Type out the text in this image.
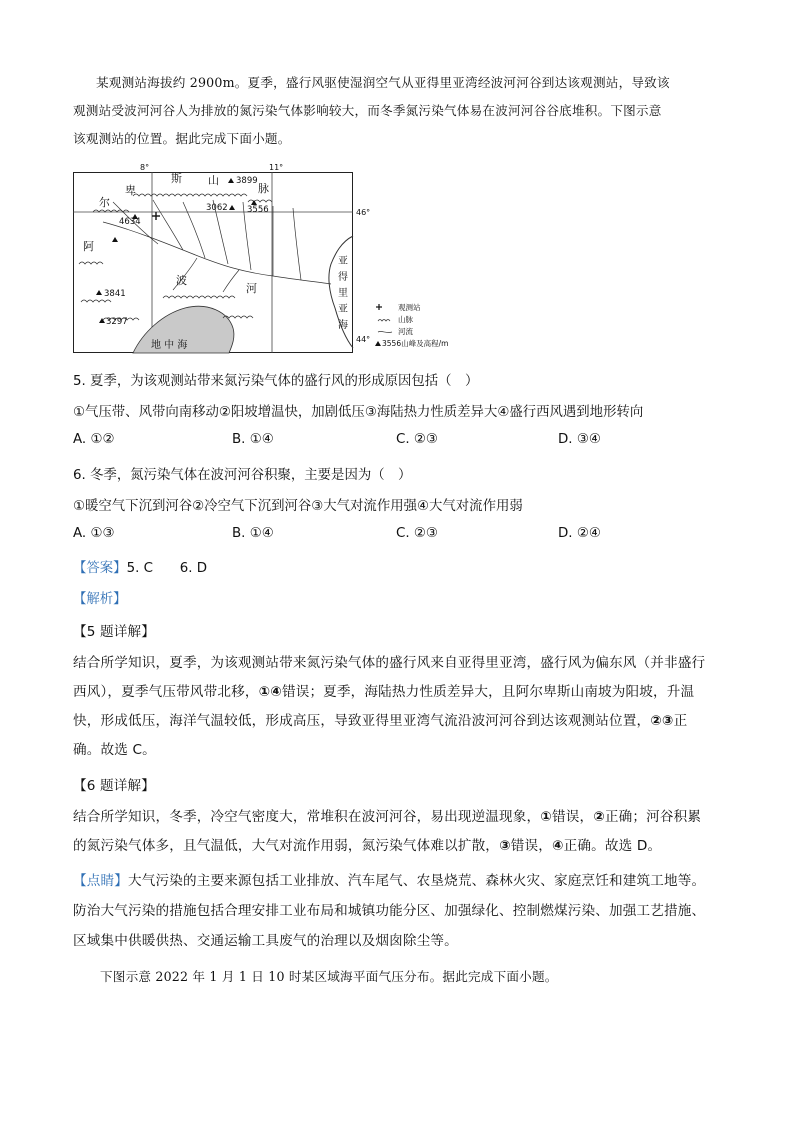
某观测站海拔约 2900m。夏季，盛行风驱使湿润空气从亚得里亚湾经波河河谷到达该观测站，导致该
观测站受波河河谷人为排放的氮污染气体影响较大，而冬季氮污染气体易在波河河谷谷底堆积。下图示意
该观测站的位置。据此完成下面小题。
8°	11°
46°
44°
阿
尔
卑
斯 山
脉
3899
3062 3556
4634
3841
3297
波
河
亚
得
里
亚
海
地 中 海
观测站
山脉
河流
3556山峰及高程/m
5. 夏季，为该观测站带来氮污染气体的盛行风的形成原因包括（　）
①气压带、风带向南移动②阳坡增温快，加剧低压③海陆热力性质差异大④盛行西风遇到地形转向
A. ①②	B. ①④	C. ②③	D. ③④
6. 冬季，氮污染气体在波河河谷积聚，主要是因为（　）
①暖空气下沉到河谷②冷空气下沉到河谷③大气对流作用强④大气对流作用弱
A. ①③	B. ①④	C. ②③	D. ②④
【答案】5. C　　6. D
【解析】
【5 题详解】
结合所学知识，夏季，为该观测站带来氮污染气体的盛行风来自亚得里亚湾，盛行风为偏东风（并非盛行
西风），夏季气压带风带北移，①④错误；夏季，海陆热力性质差异大，且阿尔卑斯山南坡为阳坡，升温
快，形成低压，海洋气温较低，形成高压，导致亚得里亚湾气流沿波河河谷到达该观测站位置，②③正
确。故选 C。
【6 题详解】
结合所学知识，冬季，冷空气密度大，常堆积在波河河谷，易出现逆温现象，①错误，②正确；河谷积累
的氮污染气体多，且气温低，大气对流作用弱，氮污染气体难以扩散，③错误，④正确。故选 D。
【点睛】大气污染的主要来源包括工业排放、汽车尾气、农垦烧荒、森林火灾、家庭烹饪和建筑工地等。
防治大气污染的措施包括合理安排工业布局和城镇功能分区、加强绿化、控制燃煤污染、加强工艺措施、
区域集中供暖供热、交通运输工具废气的治理以及烟囱除尘等。
下图示意 2022 年 1 月 1 日 10 时某区域海平面气压分布。据此完成下面小题。
